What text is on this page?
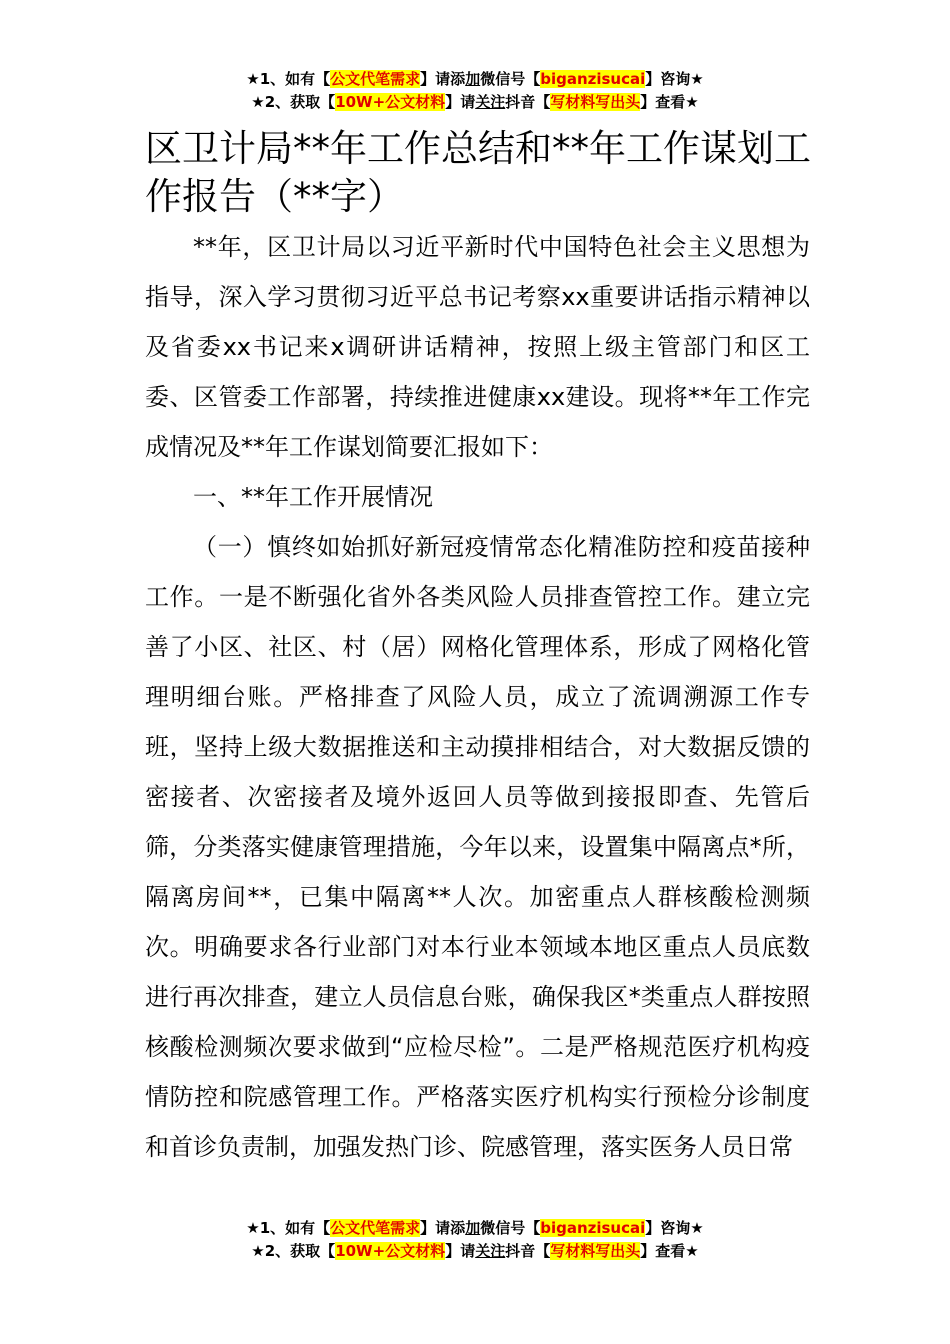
★1、如有【公文代笔需求】请添加微信号【biganzisucai】咨询★
★2、获取【10W+公文材料】请关注抖音【写材料写出头】查看★
区卫计局**年工作总结和**年工作谋划工作报告（**字）

**年，区卫计局以习近平新时代中国特色社会主义思想为指导，深入学习贯彻习近平总书记考察xx重要讲话指示精神以及省委xx书记来x调研讲话精神，按照上级主管部门和区工委、区管委工作部署，持续推进健康xx建设。现将**年工作完成情况及**年工作谋划简要汇报如下：

一、**年工作开展情况

（一）慎终如始抓好新冠疫情常态化精准防控和疫苗接种工作。一是不断强化省外各类风险人员排查管控工作。建立完善了小区、社区、村（居）网格化管理体系，形成了网格化管理明细台账。严格排查了风险人员，成立了流调溯源工作专班，坚持上级大数据推送和主动摸排相结合，对大数据反馈的密接者、次密接者及境外返回人员等做到接报即查、先管后筛，分类落实健康管理措施，今年以来，设置集中隔离点*所，隔离房间**，已集中隔离**人次。加密重点人群核酸检测频次。明确要求各行业部门对本行业本领域本地区重点人员底数进行再次排查，建立人员信息台账，确保我区*类重点人群按照核酸检测频次要求做到“应检尽检”。二是严格规范医疗机构疫情防控和院感管理工作。严格落实医疗机构实行预检分诊制度和首诊负责制，加强发热门诊、院感管理，落实医务人员日常

★1、如有【公文代笔需求】请添加微信号【biganzisucai】咨询★
★2、获取【10W+公文材料】请关注抖音【写材料写出头】查看★
